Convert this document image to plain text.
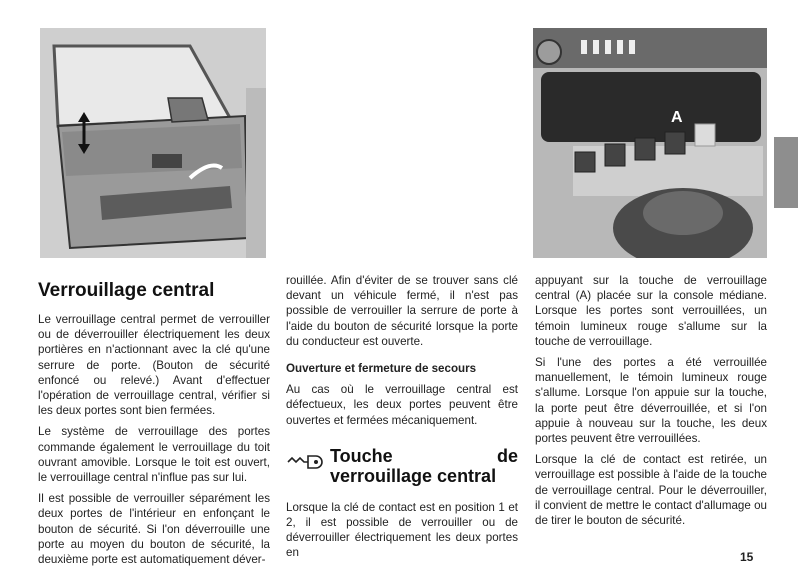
A
Verrouillage central

Le verrouillage central permet de verrouiller ou de déverrouiller électriquement les deux portières en n'actionnant avec la clé qu'une serrure de porte. (Bouton de sécurité enfoncé ou relevé.) Avant d'effectuer l'opération de verrouillage central, vérifier si les deux portes sont bien fermées.

Le système de verrouillage des portes commande également le verrouillage du toit ouvrant amovible. Lorsque le toit est ouvert, le verrouillage central n'influe pas sur lui.

Il est possible de verrouiller séparément les deux portes de l'intérieur en enfonçant le bouton de sécurité. Si l'on déverrouille une porte au moyen du bouton de sécurité, la deuxième porte est automatiquement déver-

rouillée. Afin d'éviter de se trouver sans clé devant un véhicule fermé, il n'est pas possible de verrouiller la serrure de porte à l'aide du bouton de sécurité lorsque la porte du conducteur est ouverte.

Ouverture et fermeture de secours

Au cas où le verrouillage central est défectueux, les deux portes peuvent être ouvertes et fermées mécaniquement.

Touche de verrouillage central

Lorsque la clé de contact est en position 1 et 2, il est possible de verrouiller ou de déverrouiller électriquement les deux portes en

appuyant sur la touche de verrouillage central (A) placée sur la console médiane. Lorsque les portes sont verrouillées, un témoin lumineux rouge s'allume sur la touche de verrouillage.

Si l'une des portes a été verrouillée manuellement, le témoin lumineux rouge s'allume. Lorsque l'on appuie sur la touche, la porte peut être déverrouillée, et si l'on appuie à nouveau sur la touche, les deux portes peuvent être verrouillées.

Lorsque la clé de contact est retirée, un verrouillage est possible à l'aide de la touche de verrouillage central. Pour le déverrouiller, il convient de mettre le contact d'allumage ou de tirer le bouton de sécurité.

15
